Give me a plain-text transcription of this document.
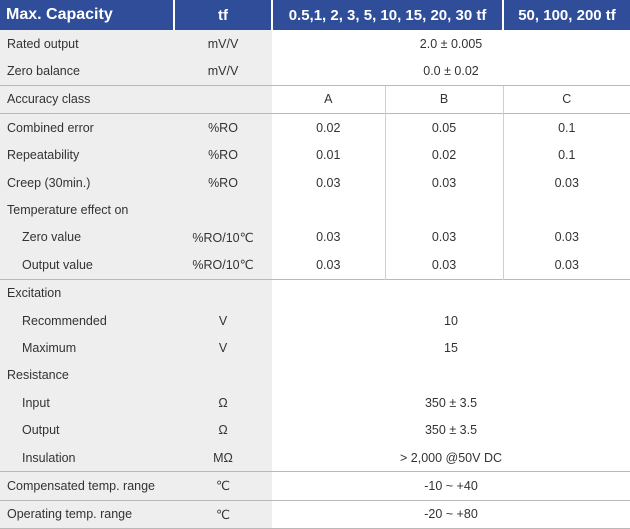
Max. Capacity	tf	0.5,1, 2, 3, 5, 10, 15, 20, 30 tf		50, 100, 200 tf
Rated output	mV/V	2.0 ± 0.005		
Zero balance	mV/V	0.0 ± 0.02		
Accuracy class		A	B	C
Combined error	%RO	0.02	0.05	0.1
Repeatability	%RO	0.01	0.02	0.1
Creep (30min.)	%RO	0.03	0.03	0.03
Temperature effect on				
Zero value	%RO/10℃	0.03	0.03	0.03
Output value	%RO/10℃	0.03	0.03	0.03
Excitation				
Recommended	V	10		
Maximum	V	15		
Resistance				
Input	Ω	350 ± 3.5		
Output	Ω	350 ± 3.5		
Insulation	MΩ	> 2,000 @50V DC		
Compensated temp. range	℃	-10 ~ +40		
Operating temp. range	℃	-20 ~ +80		
